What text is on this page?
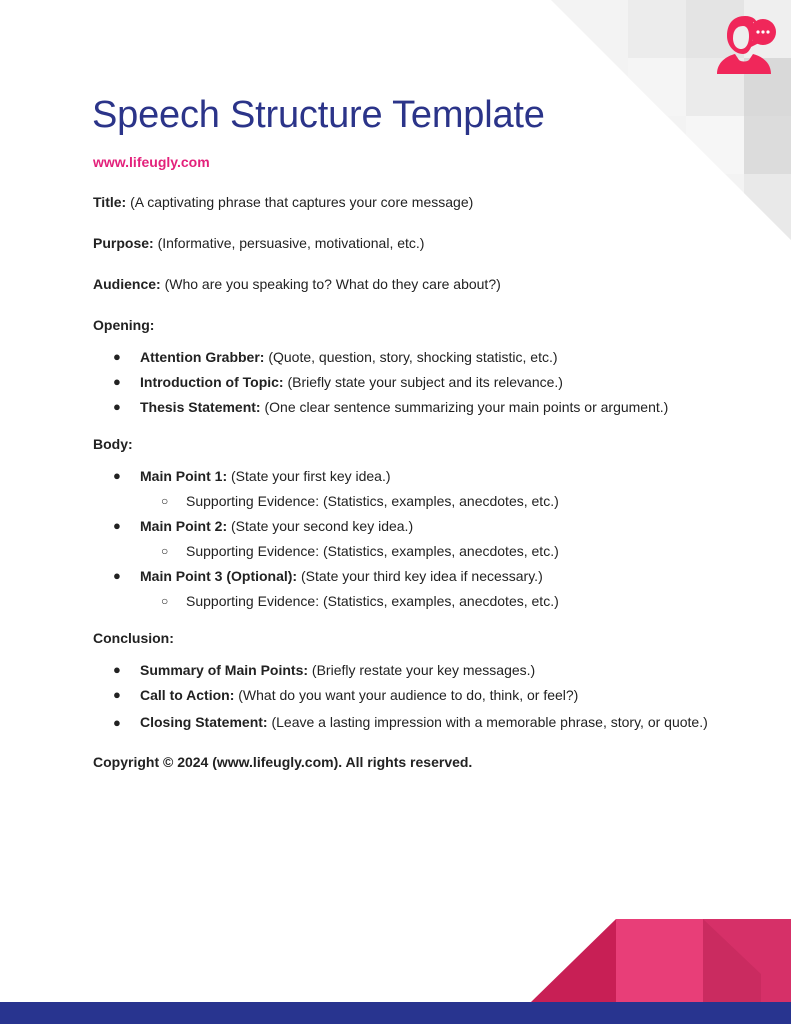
Speech Structure Template
www.lifeugly.com

Title: (A captivating phrase that captures your core message)

Purpose: (Informative, persuasive, motivational, etc.)

Audience: (Who are you speaking to? What do they care about?)

Opening:

● Attention Grabber: (Quote, question, story, shocking statistic, etc.)
● Introduction of Topic: (Briefly state your subject and its relevance.)
● Thesis Statement: (One clear sentence summarizing your main points or argument.)

Body:

● Main Point 1: (State your first key idea.)
○ Supporting Evidence: (Statistics, examples, anecdotes, etc.)
● Main Point 2: (State your second key idea.)
○ Supporting Evidence: (Statistics, examples, anecdotes, etc.)
● Main Point 3 (Optional): (State your third key idea if necessary.)
○ Supporting Evidence: (Statistics, examples, anecdotes, etc.)

Conclusion:

● Summary of Main Points: (Briefly restate your key messages.)
● Call to Action: (What do you want your audience to do, think, or feel?)
● Closing Statement: (Leave a lasting impression with a memorable phrase, story, or quote.)

Copyright © 2024 (www.lifeugly.com). All rights reserved.
